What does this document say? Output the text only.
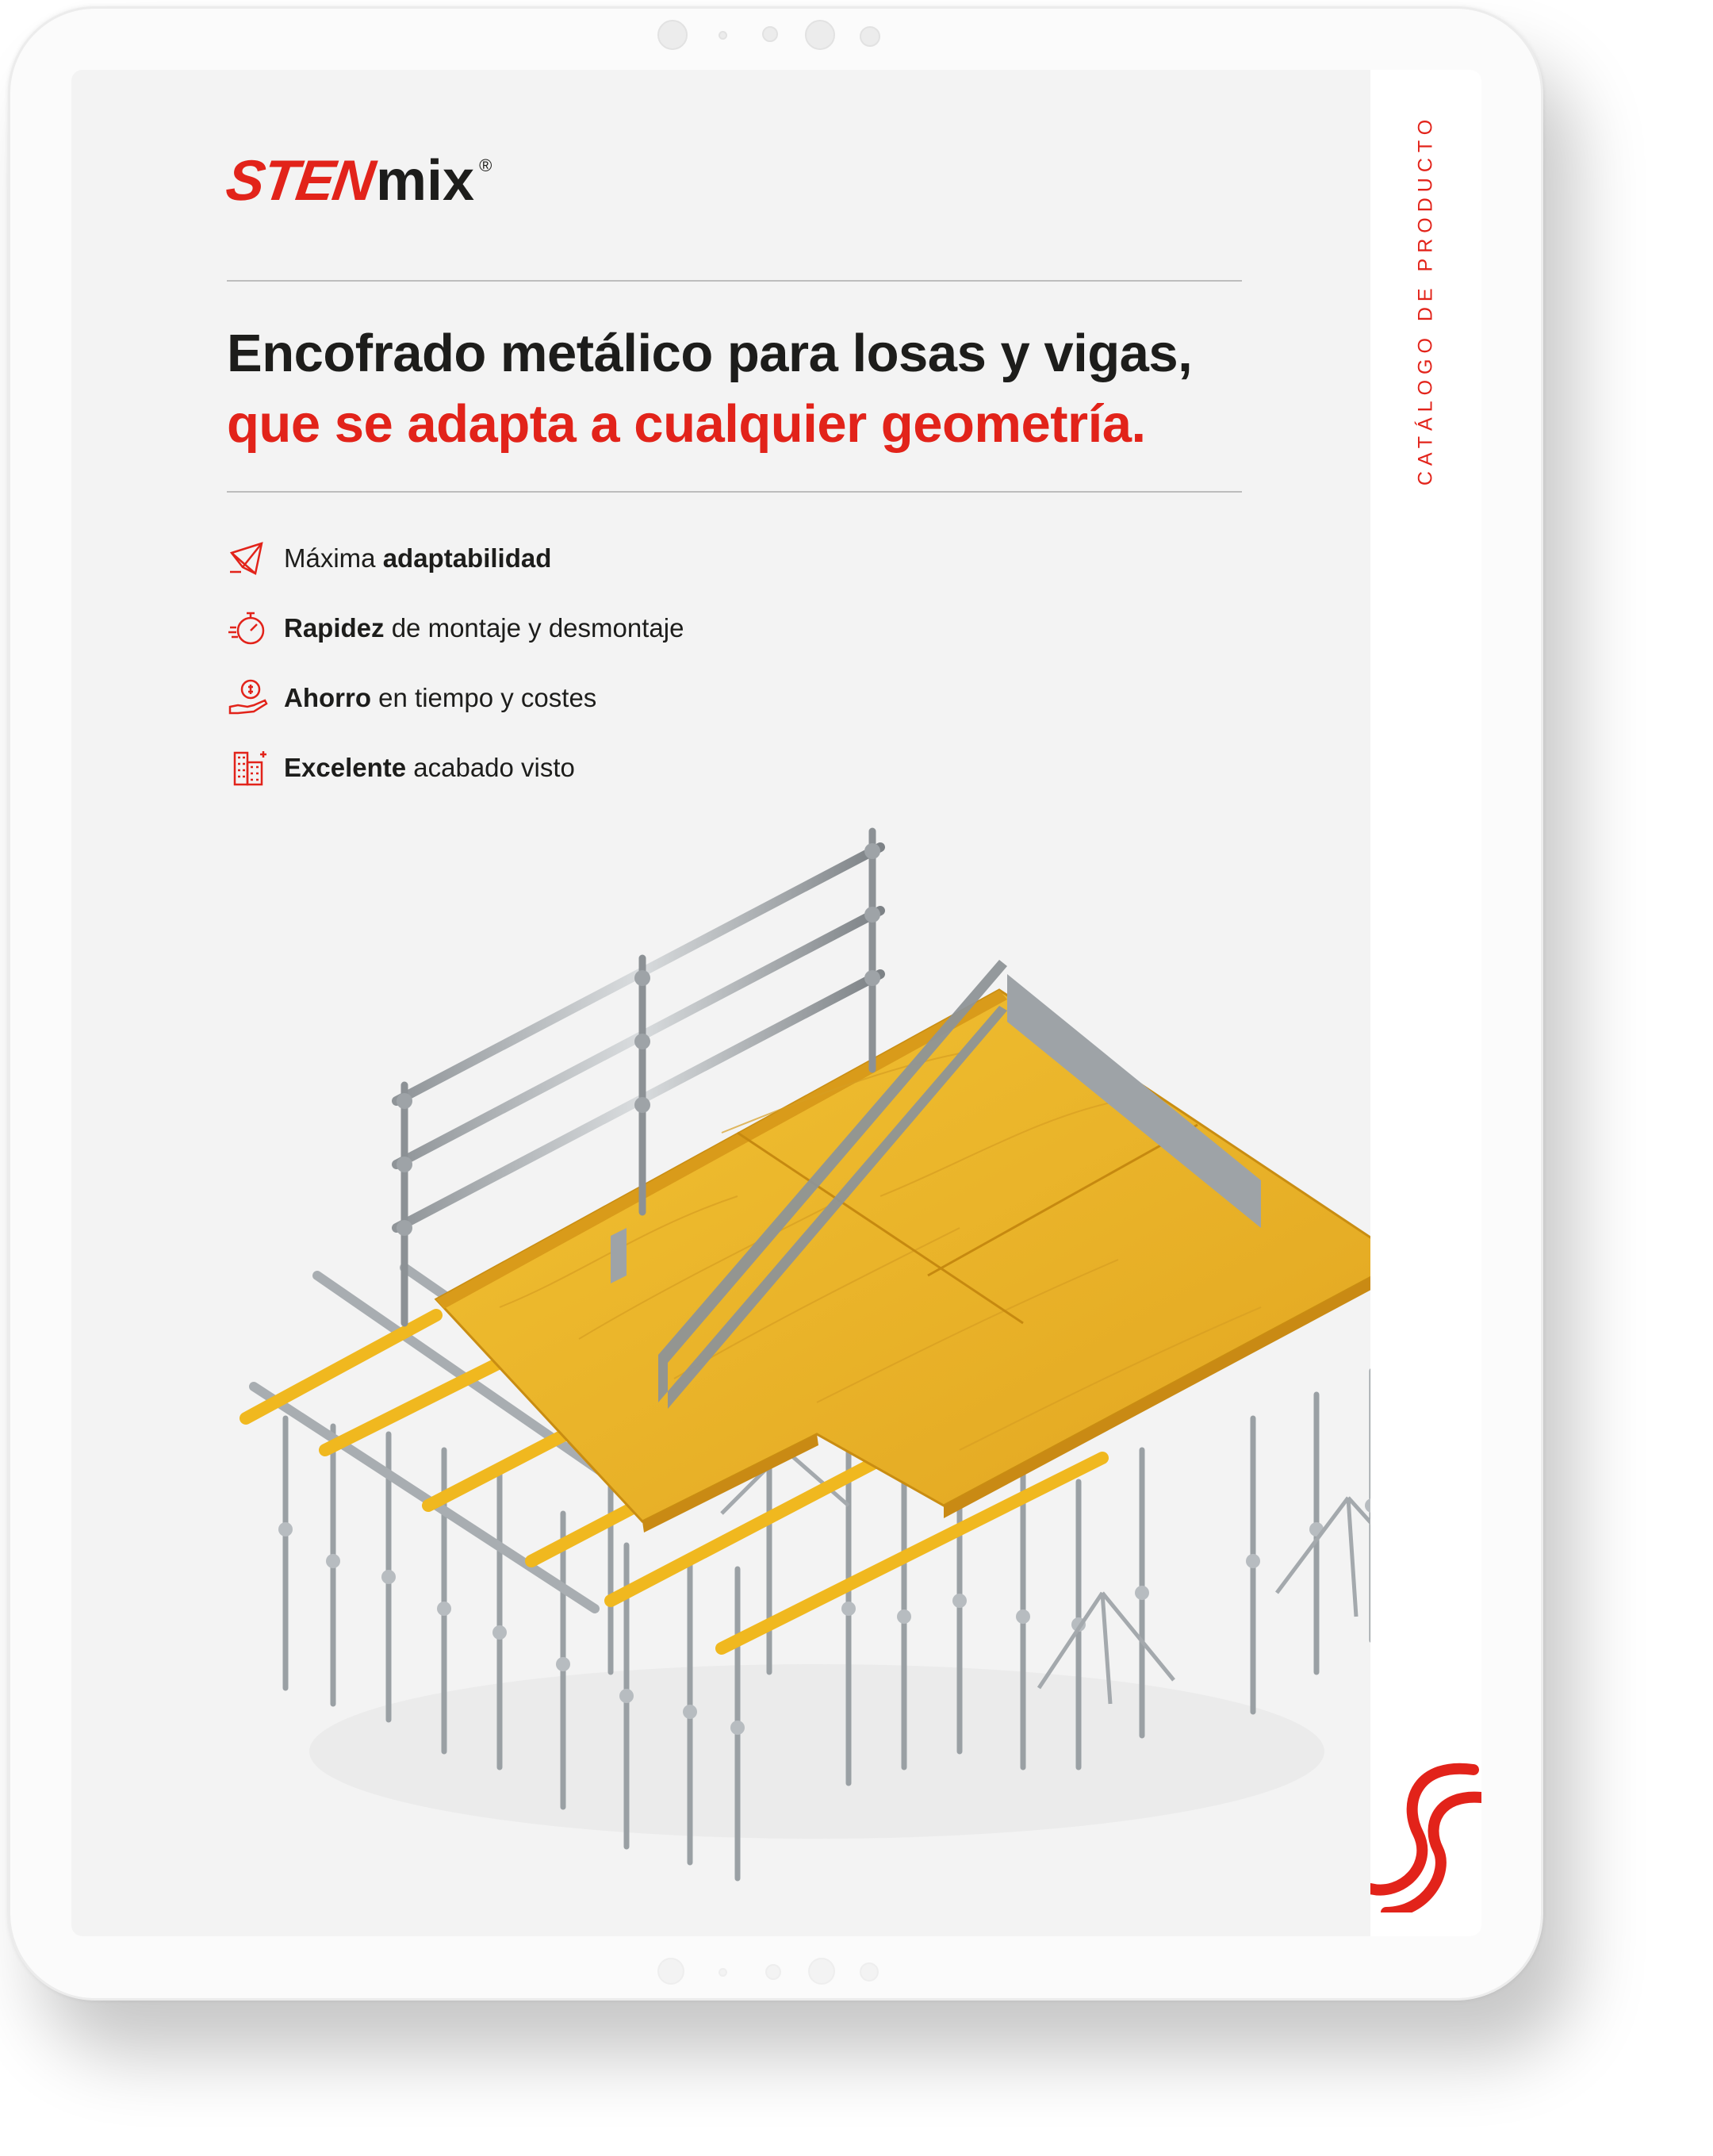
STEN
mix ®
Encofrado metálico para losas y vigas,
que se adapta a cualquier geometría.
Máxima adaptabilidad
Rapidez de montaje y desmontaje
Ahorro en tiempo y costes
Excelente acabado visto
CATÁLOGO DE PRODUCTO
